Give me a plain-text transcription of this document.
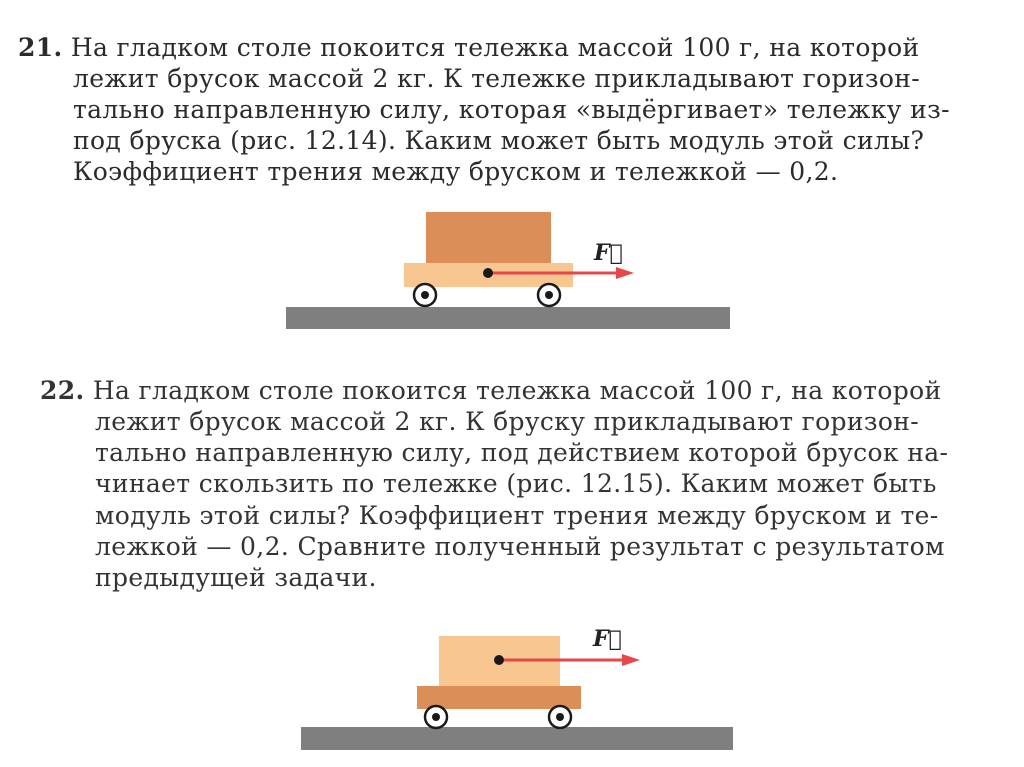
21. На гладком столе покоится тележка массой 100 г, на которой
лежит брусок массой 2 кг. К тележке прикладывают горизон-
тально направленную силу, которая «выдёргивает» тележку из-
под бруска (рис. 12.14). Каким может быть модуль этой силы?
Коэффициент трения между бруском и тележкой — 0,2.
F⃗
22. На гладком столе покоится тележка массой 100 г, на которой
лежит брусок массой 2 кг. К бруску прикладывают горизон-
тально направленную силу, под действием которой брусок на-
чинает скользить по тележке (рис. 12.15). Каким может быть
модуль этой силы? Коэффициент трения между бруском и те-
лежкой — 0,2. Сравните полученный результат с результатом
предыдущей задачи.
F⃗
